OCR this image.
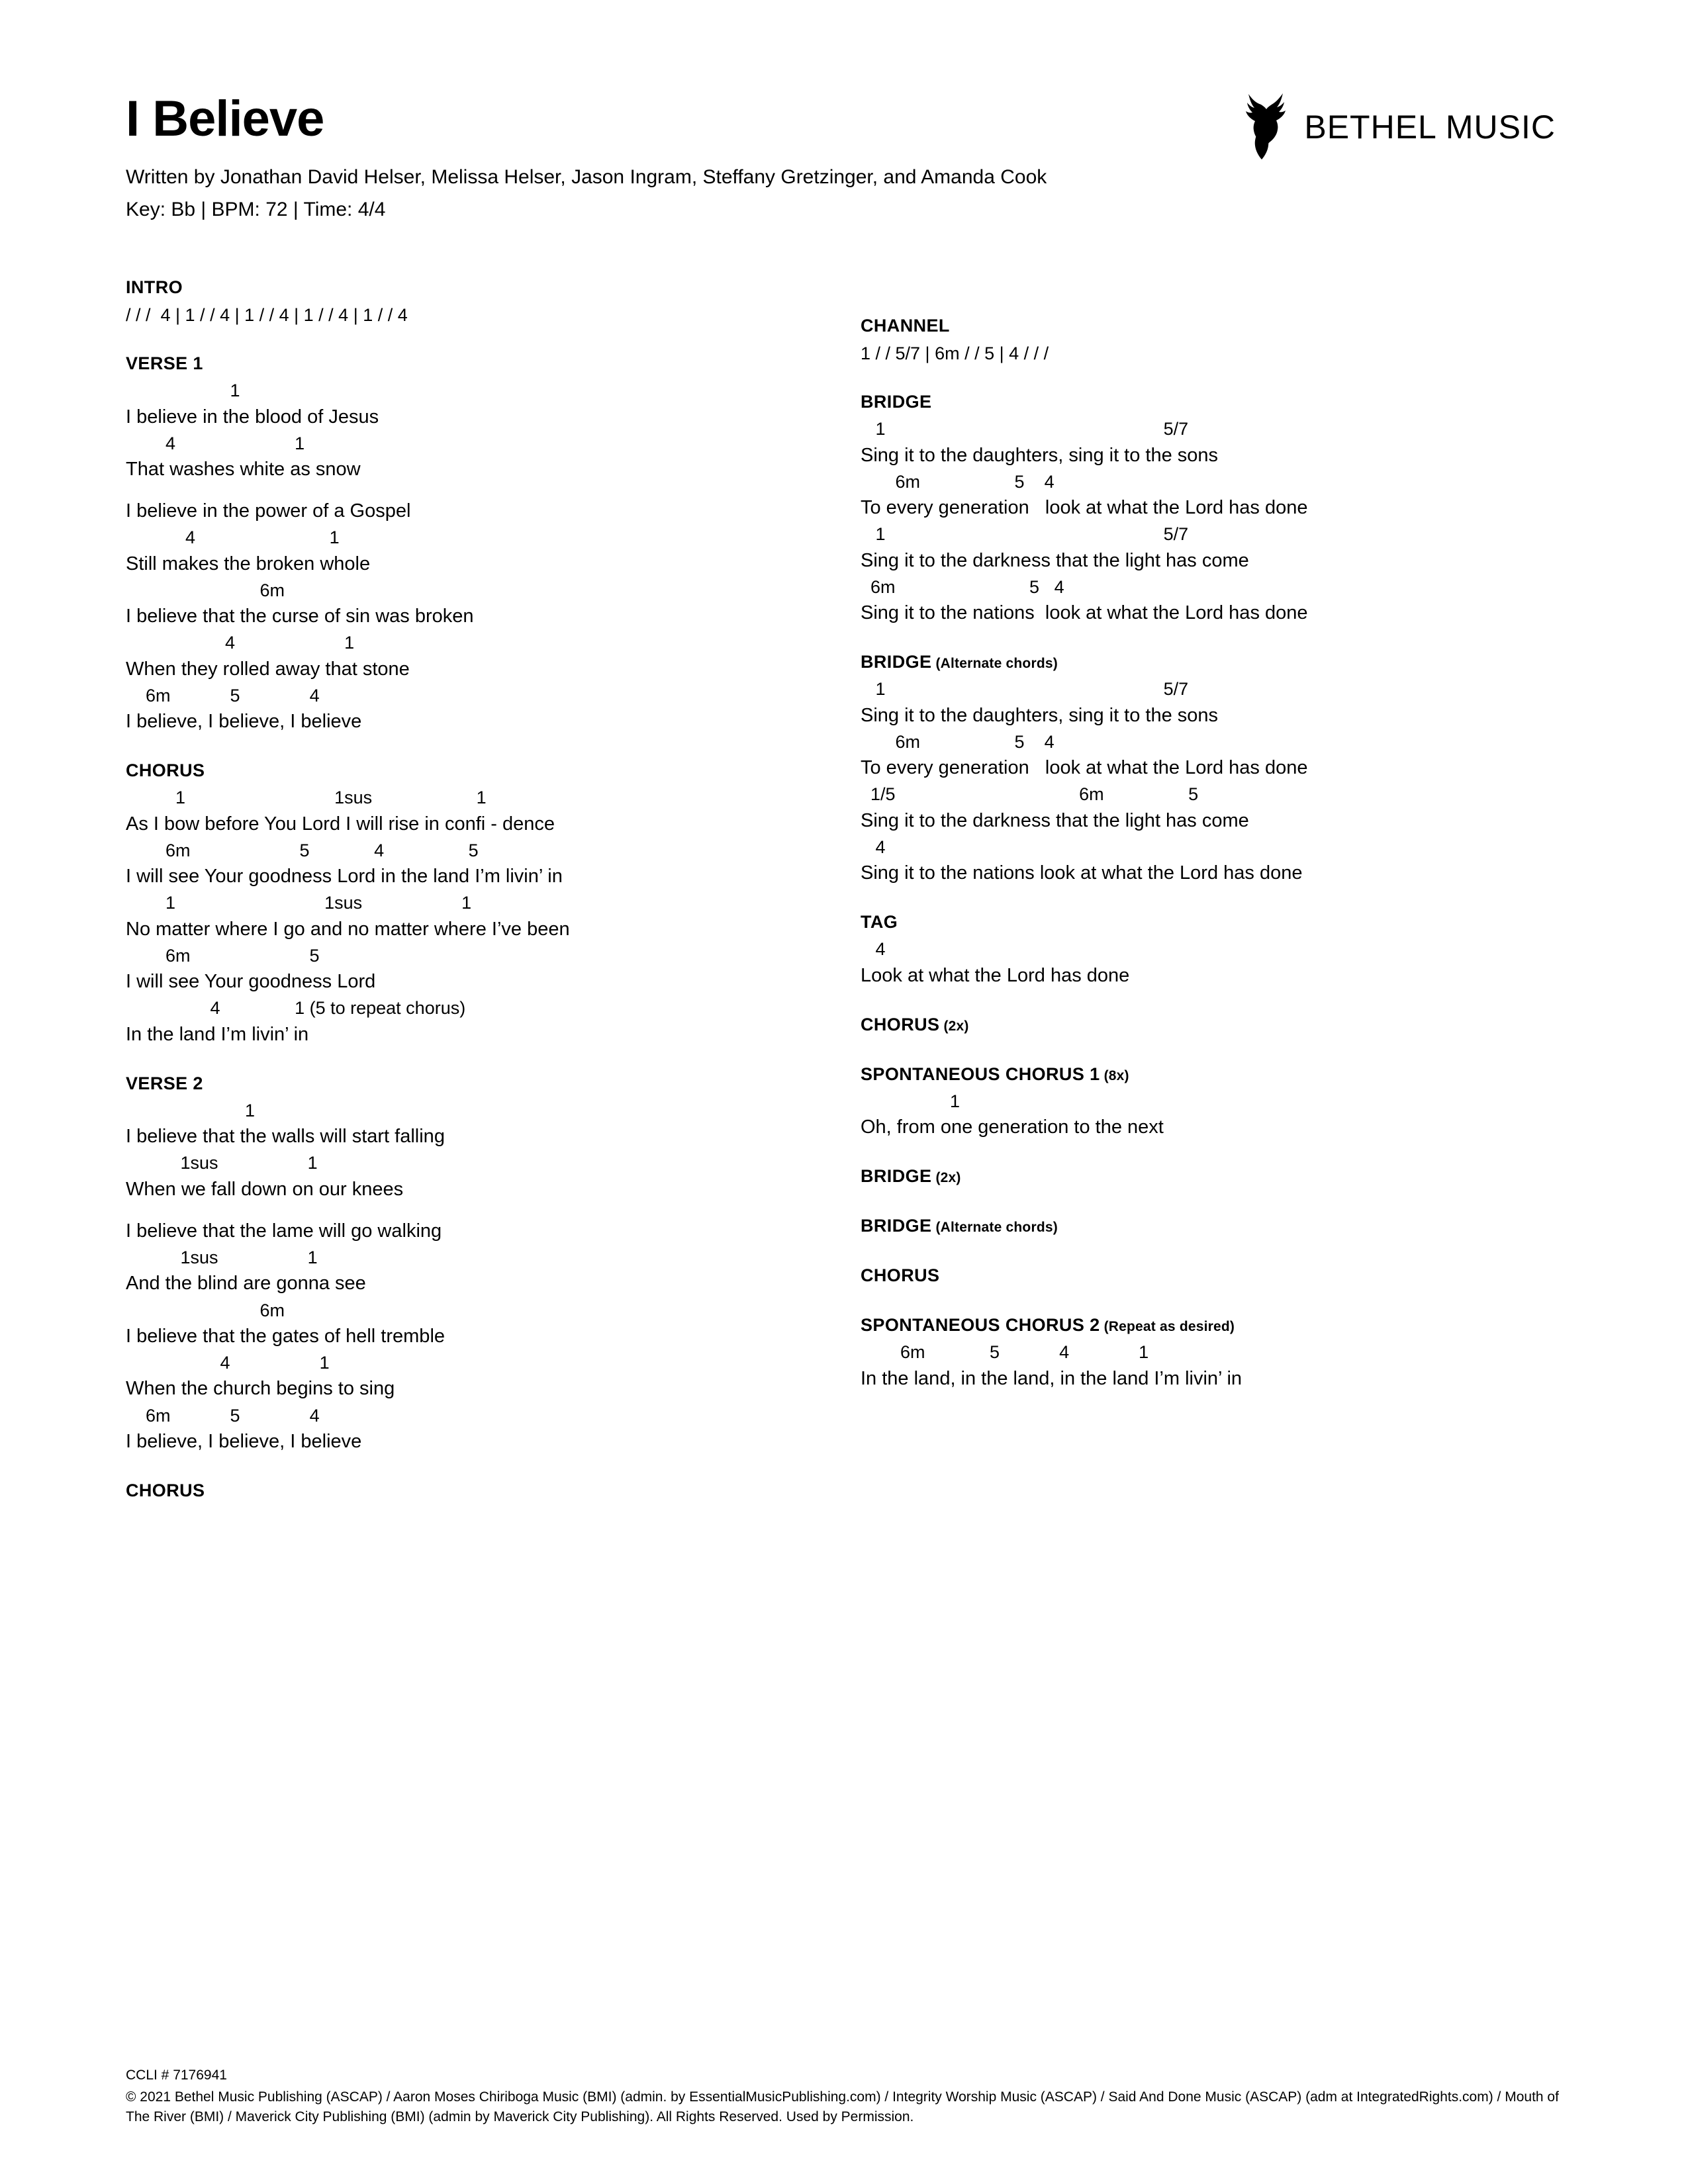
I Believe

Written by Jonathan David Helser, Melissa Helser, Jason Ingram, Steffany Gretzinger, and Amanda Cook

Key: Bb | BPM: 72 | Time: 4/4

BETHEL MUSIC
INTRO
/ / /  4 | 1 / / 4 | 1 / / 4 | 1 / / 4 | 1 / / 4
VERSE 1
1
I believe in the blood of Jesus
4                        1
That washes white as snow
I believe in the power of a Gospel
4                           1
Still makes the broken whole
6m
I believe that the curse of sin was broken
4                      1
When they rolled away that stone
6m            5              4
I believe, I believe, I believe
CHORUS
1                              1sus                     1
As I bow before You Lord I will rise in confi - dence
6m                      5             4                 5
I will see Your goodness Lord in the land I’m livin’ in
1                              1sus                    1
No matter where I go and no matter where I’ve been
6m                        5
I will see Your goodness Lord
4               1 (5 to repeat chorus)
In the land I’m livin’ in
VERSE 2
1
I believe that the walls will start falling
1sus                  1
When we fall down on our knees
I believe that the lame will go walking
1sus                  1
And the blind are gonna see
6m
I believe that the gates of hell tremble
4                  1
When the church begins to sing
6m            5              4
I believe, I believe, I believe
CHORUS
CHANNEL
1 / / 5/7 | 6m / / 5 | 4 / / /
BRIDGE
1                                                        5/7
Sing it to the daughters, sing it to the sons
6m                   5    4
To every generation   look at what the Lord has done
1                                                        5/7
Sing it to the darkness that the light has come
6m                           5   4
Sing it to the nations  look at what the Lord has done
BRIDGE (Alternate chords)
1                                                        5/7
Sing it to the daughters, sing it to the sons
6m                   5    4
To every generation   look at what the Lord has done
1/5                                     6m                 5
Sing it to the darkness that the light has come
4
Sing it to the nations look at what the Lord has done
TAG
4
Look at what the Lord has done
CHORUS (2x)
SPONTANEOUS CHORUS 1 (8x)
1
Oh, from one generation to the next
BRIDGE (2x)
BRIDGE (Alternate chords)
CHORUS
SPONTANEOUS CHORUS 2 (Repeat as desired)
6m             5            4              1
In the land, in the land, in the land I’m livin’ in

CCLI # 7176941

© 2021 Bethel Music Publishing (ASCAP) / Aaron Moses Chiriboga Music (BMI) (admin. by EssentialMusicPublishing.com) / Integrity Worship Music (ASCAP) / Said And Done Music (ASCAP) (adm at IntegratedRights.com) / Mouth of The River (BMI) / Maverick City Publishing (BMI) (admin by Maverick City Publishing). All Rights Reserved. Used by Permission.
